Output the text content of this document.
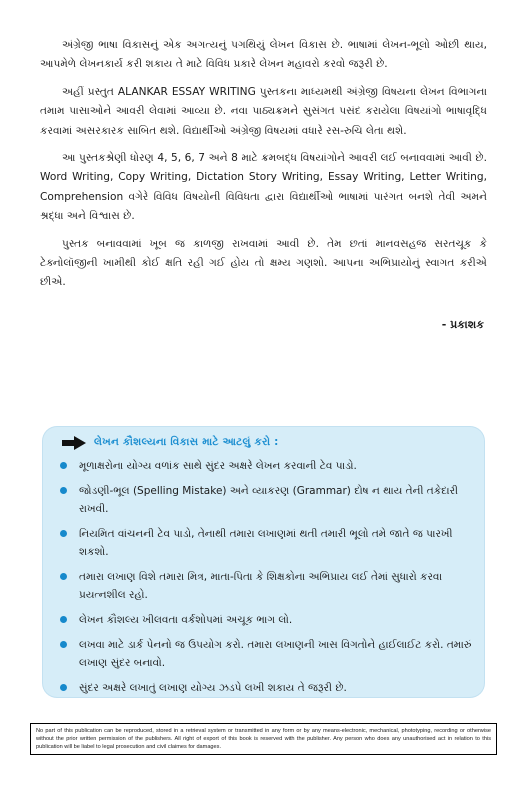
અંગ્રેજી ભાષા વિકાસનું એક અગત્યનું પગથિયું લેખન વિકાસ છે. ભાષામાં લેખન-ભૂલો ઓછી થાય, આપમેળે લેખનકાર્ય કરી શકાય તે માટે વિવિધ પ્રકારે લેખન મહાવરો કરવો જરૂરી છે.

અહીં પ્રસ્તુત ALANKAR ESSAY WRITING પુસ્તકના માધ્યમથી અંગ્રેજી વિષયના લેખન વિભાગના તમામ પાસાઓને આવરી લેવામાં આવ્યા છે. નવા પાઠ્યક્રમને સુસંગત પસંદ કરાયેલા વિષયાંગો ભાષાવૃદ્ધિ કરવામાં અસરકારક સાબિત થશે. વિદ્યાર્થીઓ અંગ્રેજી વિષયમાં વધારે રસ-રુચિ લેતા થશે.

આ પુસ્તકશ્રેણી ધોરણ 4, 5, 6, 7 અને 8 માટે ક્રમબદ્ધ વિષયાંગોને આવરી લઈ બનાવવામાં આવી છે. Word Writing, Copy Writing, Dictation Story Writing, Essay Writing, Letter Writing, Comprehension વગેરે વિવિધ વિષયોની વિવિધતા દ્વારા વિદ્યાર્થીઓ ભાષામાં પારંગત બનશે તેવી અમને શ્રદ્ધા અને વિશ્વાસ છે.

પુસ્તક બનાવવામાં ખૂબ જ કાળજી રાખવામાં આવી છે. તેમ છતાં માનવસહજ સરતચૂક કે ટેક્નોલૉજીની ખામીથી કોઈ ક્ષતિ રહી ગઈ હોય તો ક્ષમ્ય ગણશો. આપના અભિપ્રાયોનું સ્વાગત કરીએ છીએ.

- પ્રકાશક
લેખન કૌશલ્યના વિકાસ માટે આટલું કરો :
મૂળાક્ષરોના યોગ્ય વળાંક સાથે સુંદર અક્ષરે લેખન કરવાની ટેવ પાડો.
જોડણી-ભૂલ (Spelling Mistake) અને વ્યાકરણ (Grammar) દોષ ન થાય તેની તકેદારી રાખવી.
નિયમિત વાંચનની ટેવ પાડો, તેનાથી તમારા લખાણમાં થતી તમારી ભૂલો તમે જાતે જ પારખી શકશો.
તમારા લખાણ વિશે તમારા મિત્ર, માતા-પિતા કે શિક્ષકોના અભિપ્રાય લઈ તેમાં સુધારો કરવા પ્રયત્નશીલ રહો.
લેખન કૌશલ્ય ખીલવતા વર્કશોપમાં અચૂક ભાગ લો.
લખવા માટે ડાર્ક પેનનો જ ઉપયોગ કરો. તમારા લખાણની ખાસ વિગતોને હાઈલાઈટ કરો. તમારું લખાણ સુંદર બનાવો.
સુંદર અક્ષરે લખાતું લખાણ યોગ્ય ઝડપે લખી શકાય તે જરૂરી છે.
No part of this publication can be reproduced, stored in a retrieval system or transmitted in any form or by any means-electronic, mechanical, phototyping, recording or otherwise without the prior written permission of the publishers. All right of export of this book is reserved with the publisher. Any person who does any unauthorised act in relation to this publication will be liabel to legal prosecution and civil claimes for damages.
